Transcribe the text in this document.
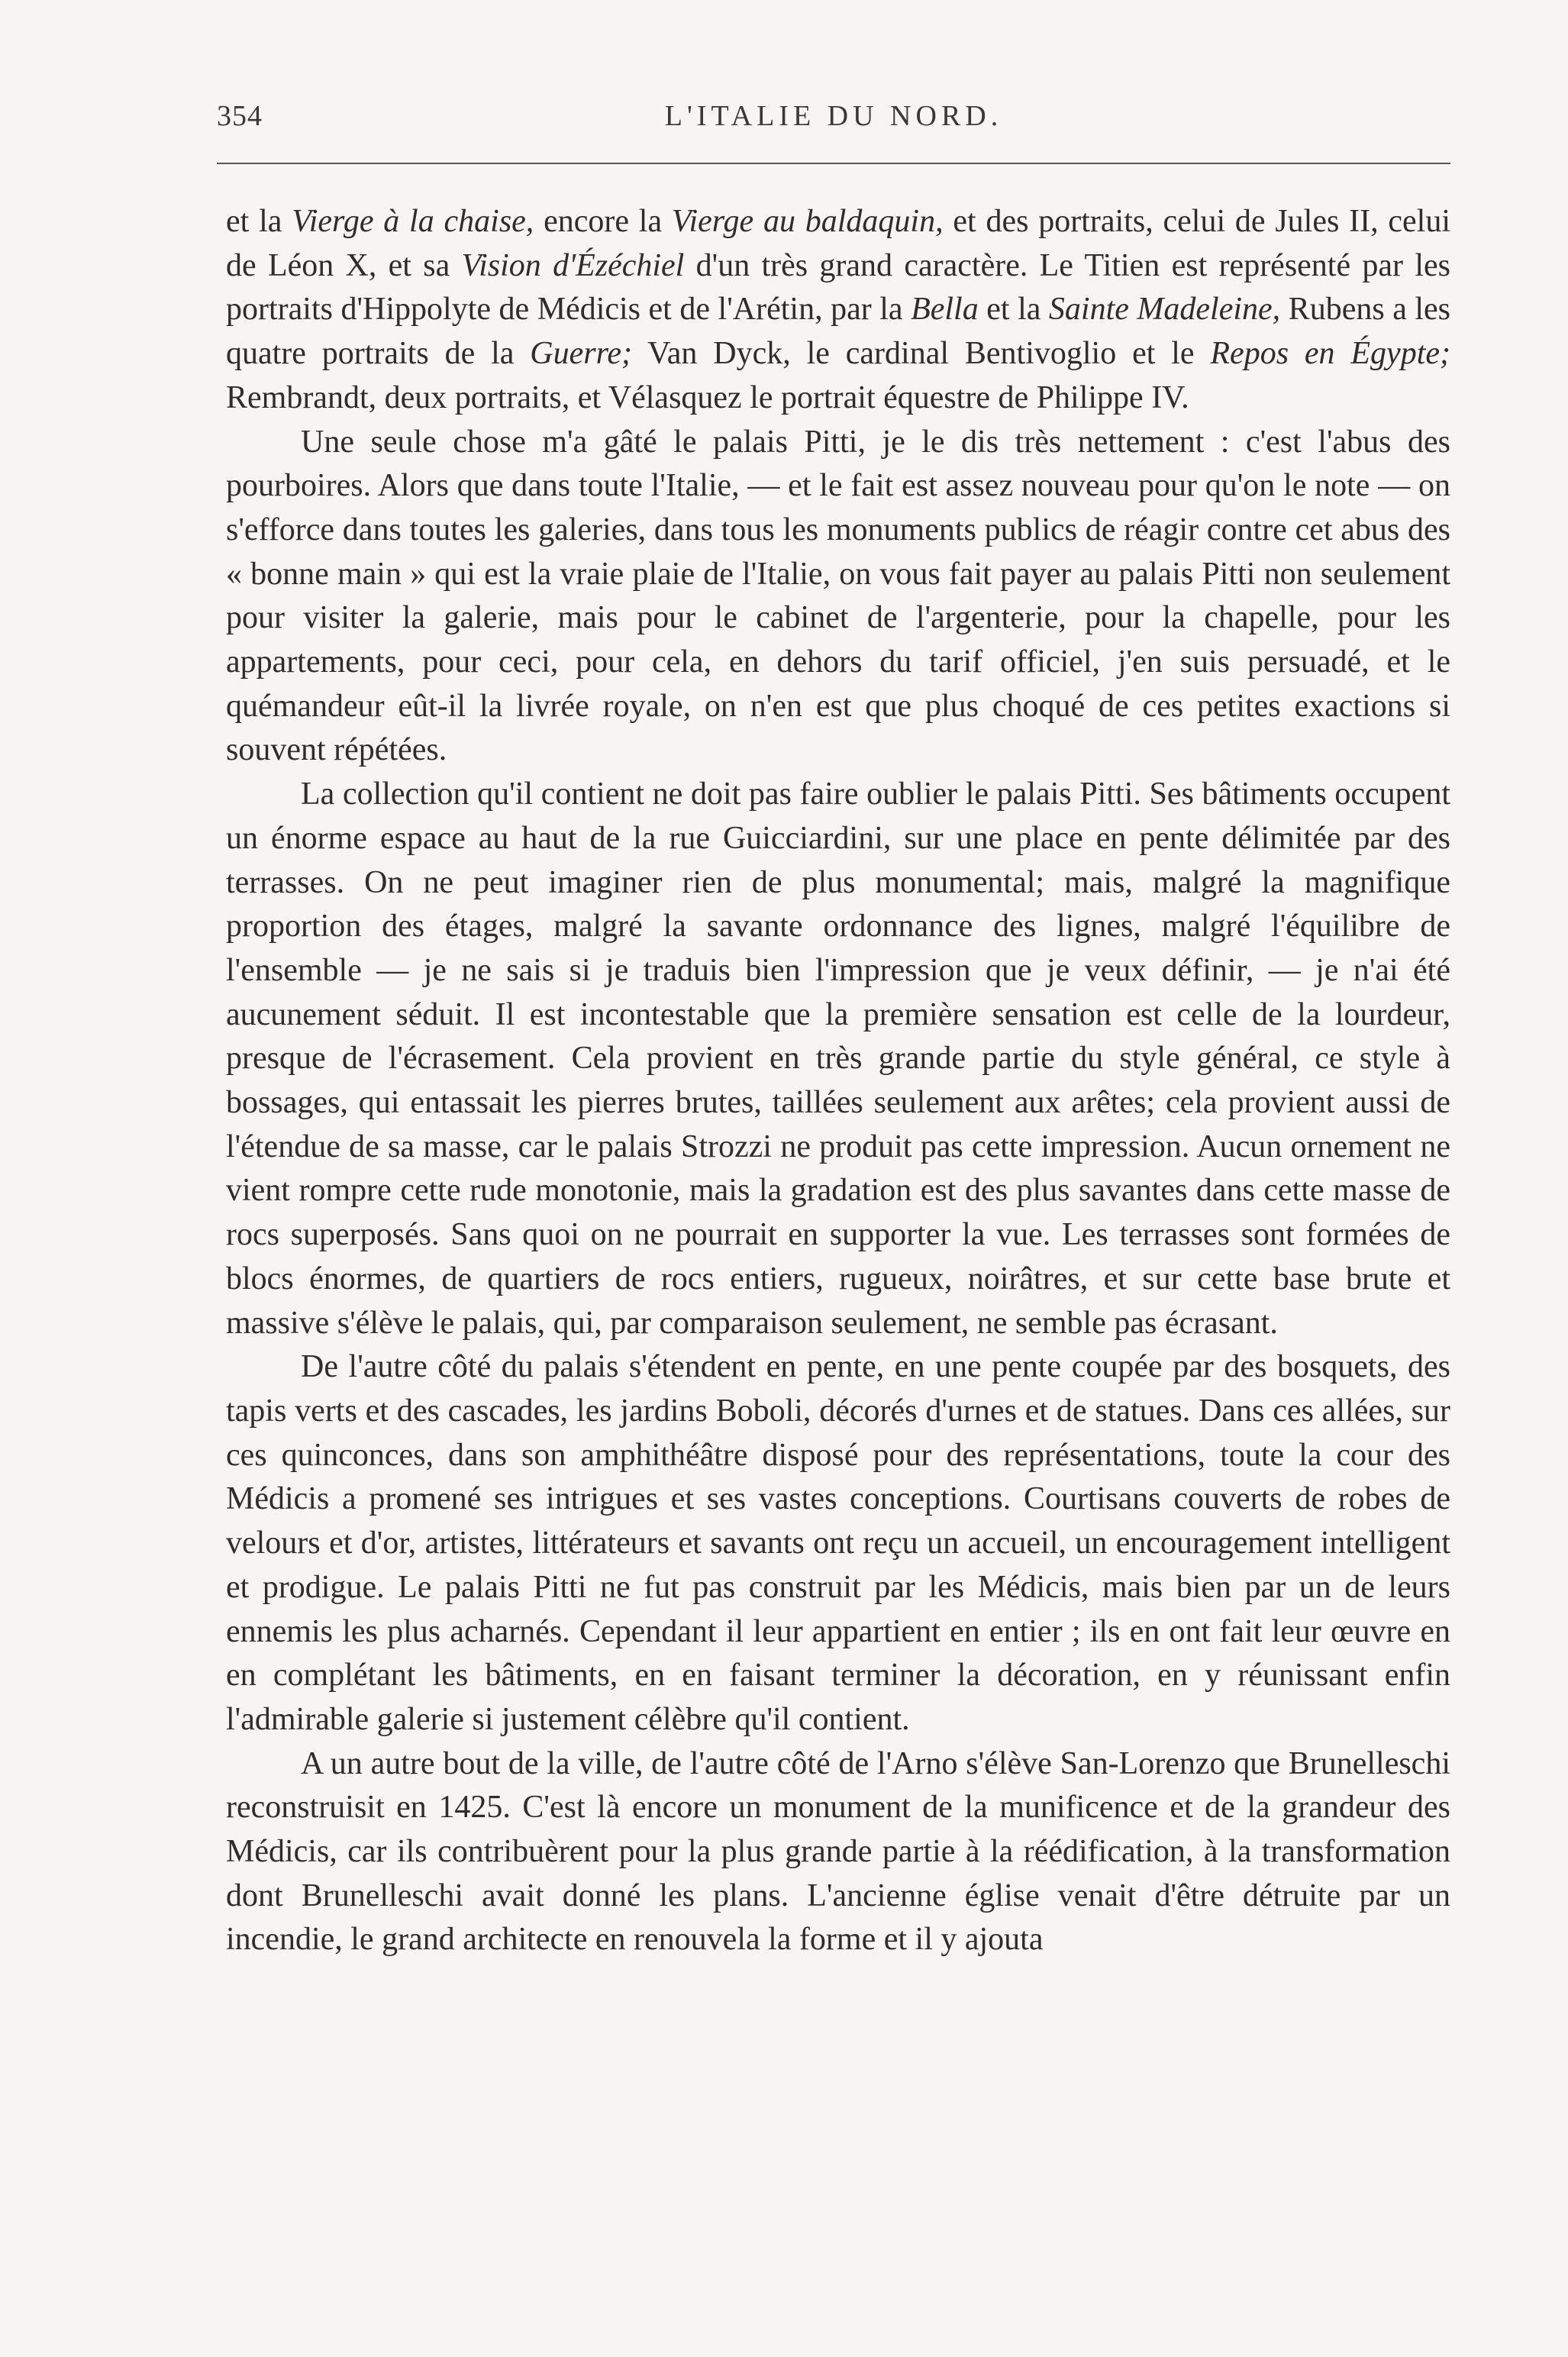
354	L'ITALIE DU NORD.

et la Vierge à la chaise, encore la Vierge au baldaquin, et des portraits, celui de Jules II, celui de Léon X, et sa Vision d'Ézéchiel d'un très grand caractère. Le Titien est représenté par les portraits d'Hippolyte de Médicis et de l'Arétin, par la Bella et la Sainte Madeleine, Rubens a les quatre portraits de la Guerre; Van Dyck, le cardinal Bentivoglio et le Repos en Égypte; Rembrandt, deux portraits, et Vélasquez le portrait équestre de Philippe IV.

Une seule chose m'a gâté le palais Pitti, je le dis très nettement : c'est l'abus des pourboires. Alors que dans toute l'Italie, — et le fait est assez nouveau pour qu'on le note — on s'efforce dans toutes les galeries, dans tous les monuments publics de réagir contre cet abus des « bonne main » qui est la vraie plaie de l'Italie, on vous fait payer au palais Pitti non seulement pour visiter la galerie, mais pour le cabinet de l'argenterie, pour la chapelle, pour les appartements, pour ceci, pour cela, en dehors du tarif officiel, j'en suis persuadé, et le quémandeur eût-il la livrée royale, on n'en est que plus choqué de ces petites exactions si souvent répétées.

La collection qu'il contient ne doit pas faire oublier le palais Pitti. Ses bâtiments occupent un énorme espace au haut de la rue Guicciardini, sur une place en pente délimitée par des terrasses. On ne peut imaginer rien de plus monumental; mais, malgré la magnifique proportion des étages, malgré la savante ordonnance des lignes, malgré l'équilibre de l'ensemble — je ne sais si je traduis bien l'impression que je veux définir, — je n'ai été aucunement séduit. Il est incontestable que la première sensation est celle de la lourdeur, presque de l'écrasement. Cela provient en très grande partie du style général, ce style à bossages, qui entassait les pierres brutes, taillées seulement aux arêtes; cela provient aussi de l'étendue de sa masse, car le palais Strozzi ne produit pas cette impression. Aucun ornement ne vient rompre cette rude monotonie, mais la gradation est des plus savantes dans cette masse de rocs superposés. Sans quoi on ne pourrait en supporter la vue. Les terrasses sont formées de blocs énormes, de quartiers de rocs entiers, rugueux, noirâtres, et sur cette base brute et massive s'élève le palais, qui, par comparaison seulement, ne semble pas écrasant.

De l'autre côté du palais s'étendent en pente, en une pente coupée par des bosquets, des tapis verts et des cascades, les jardins Boboli, décorés d'urnes et de statues. Dans ces allées, sur ces quinconces, dans son amphithéâtre disposé pour des représentations, toute la cour des Médicis a promené ses intrigues et ses vastes conceptions. Courtisans couverts de robes de velours et d'or, artistes, littérateurs et savants ont reçu un accueil, un encouragement intelligent et prodigue. Le palais Pitti ne fut pas construit par les Médicis, mais bien par un de leurs ennemis les plus acharnés. Cependant il leur appartient en entier ; ils en ont fait leur œuvre en en complétant les bâtiments, en en faisant terminer la décoration, en y réunissant enfin l'admirable galerie si justement célèbre qu'il contient.

A un autre bout de la ville, de l'autre côté de l'Arno s'élève San-Lorenzo que Brunelleschi reconstruisit en 1425. C'est là encore un monument de la munificence et de la grandeur des Médicis, car ils contribuèrent pour la plus grande partie à la réédification, à la transformation dont Brunelleschi avait donné les plans. L'ancienne église venait d'être détruite par un incendie, le grand architecte en renouvela la forme et il y ajouta
